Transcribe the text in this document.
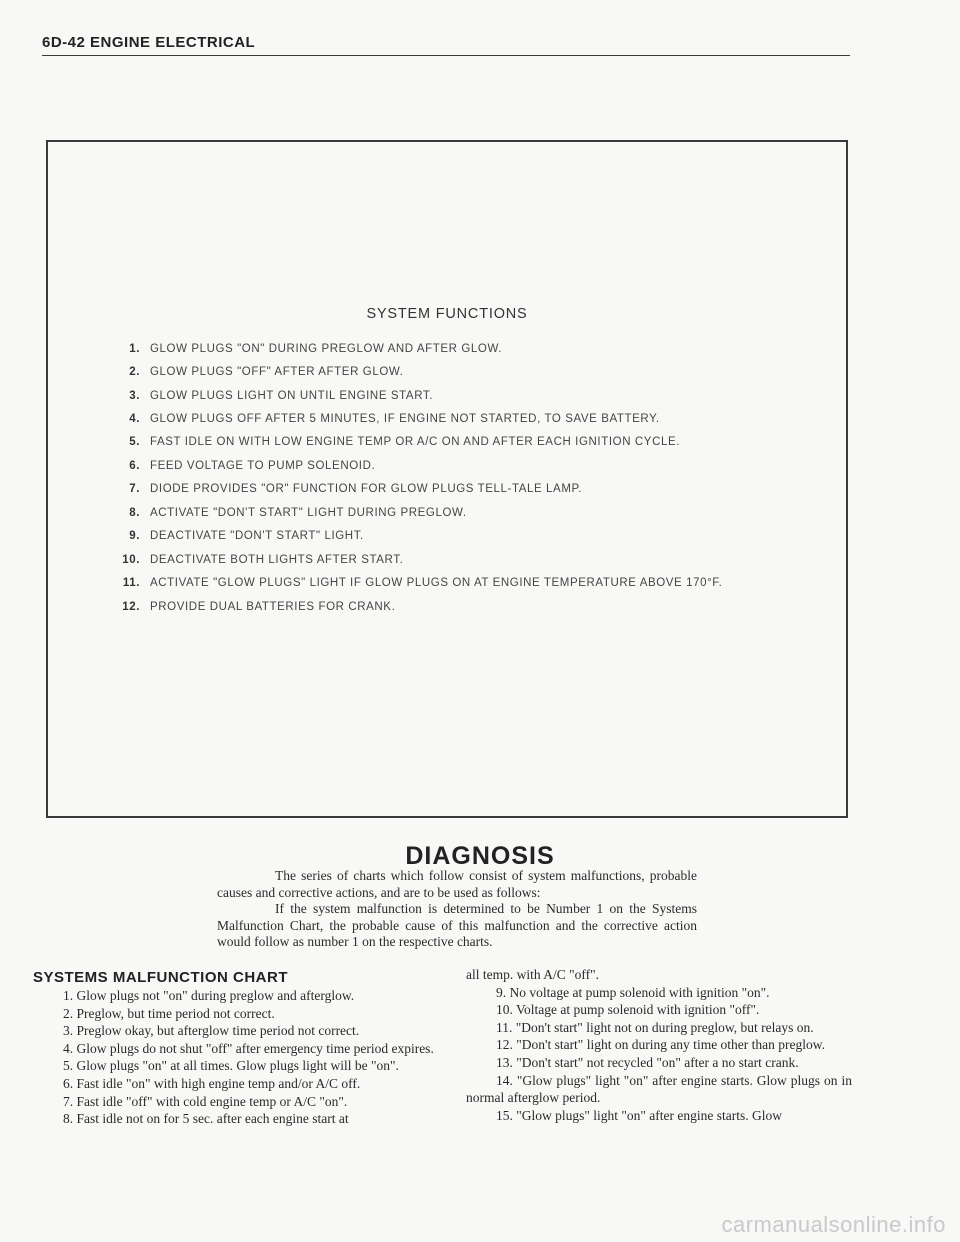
6D-42 ENGINE ELECTRICAL
SYSTEM FUNCTIONS
1. GLOW PLUGS "ON" DURING PREGLOW AND AFTER GLOW.
2. GLOW PLUGS "OFF" AFTER AFTER GLOW.
3. GLOW PLUGS LIGHT ON UNTIL ENGINE START.
4. GLOW PLUGS OFF AFTER 5 MINUTES, IF ENGINE NOT STARTED, TO SAVE BATTERY.
5. FAST IDLE ON WITH LOW ENGINE TEMP OR A/C ON AND AFTER EACH IGNITION CYCLE.
6. FEED VOLTAGE TO PUMP SOLENOID.
7. DIODE PROVIDES "OR" FUNCTION FOR GLOW PLUGS TELL-TALE LAMP.
8. ACTIVATE "DON'T START" LIGHT DURING PREGLOW.
9. DEACTIVATE "DON'T START" LIGHT.
10. DEACTIVATE BOTH LIGHTS AFTER START.
11. ACTIVATE "GLOW PLUGS" LIGHT IF GLOW PLUGS ON AT ENGINE TEMPERATURE ABOVE 170°F.
12. PROVIDE DUAL BATTERIES FOR CRANK.
DIAGNOSIS

The series of charts which follow consist of system malfunctions, probable causes and corrective actions, and are to be used as follows:

If the system malfunction is determined to be Number 1 on the Systems Malfunction Chart, the probable cause of this malfunction and the corrective action would follow as number 1 on the respective charts.

SYSTEMS MALFUNCTION CHART

1. Glow plugs not "on" during preglow and afterglow.

2. Preglow, but time period not correct.

3. Preglow okay, but afterglow time period not correct.

4. Glow plugs do not shut "off" after emergency time period expires.

5. Glow plugs "on" at all times. Glow plugs light will be "on".

6. Fast idle "on" with high engine temp and/or A/C off.

7. Fast idle "off" with cold engine temp or A/C "on".

8. Fast idle not on for 5 sec. after each engine start at

all temp. with A/C "off".

9. No voltage at pump solenoid with ignition "on".

10. Voltage at pump solenoid with ignition "off".

11. "Don't start" light not on during preglow, but relays on.

12. "Don't start" light on during any time other than preglow.

13. "Don't start" not recycled "on" after a no start crank.

14. "Glow plugs" light "on" after engine starts. Glow plugs on in normal afterglow period.

15. "Glow plugs" light "on" after engine starts. Glow

carmanualsonline.info
